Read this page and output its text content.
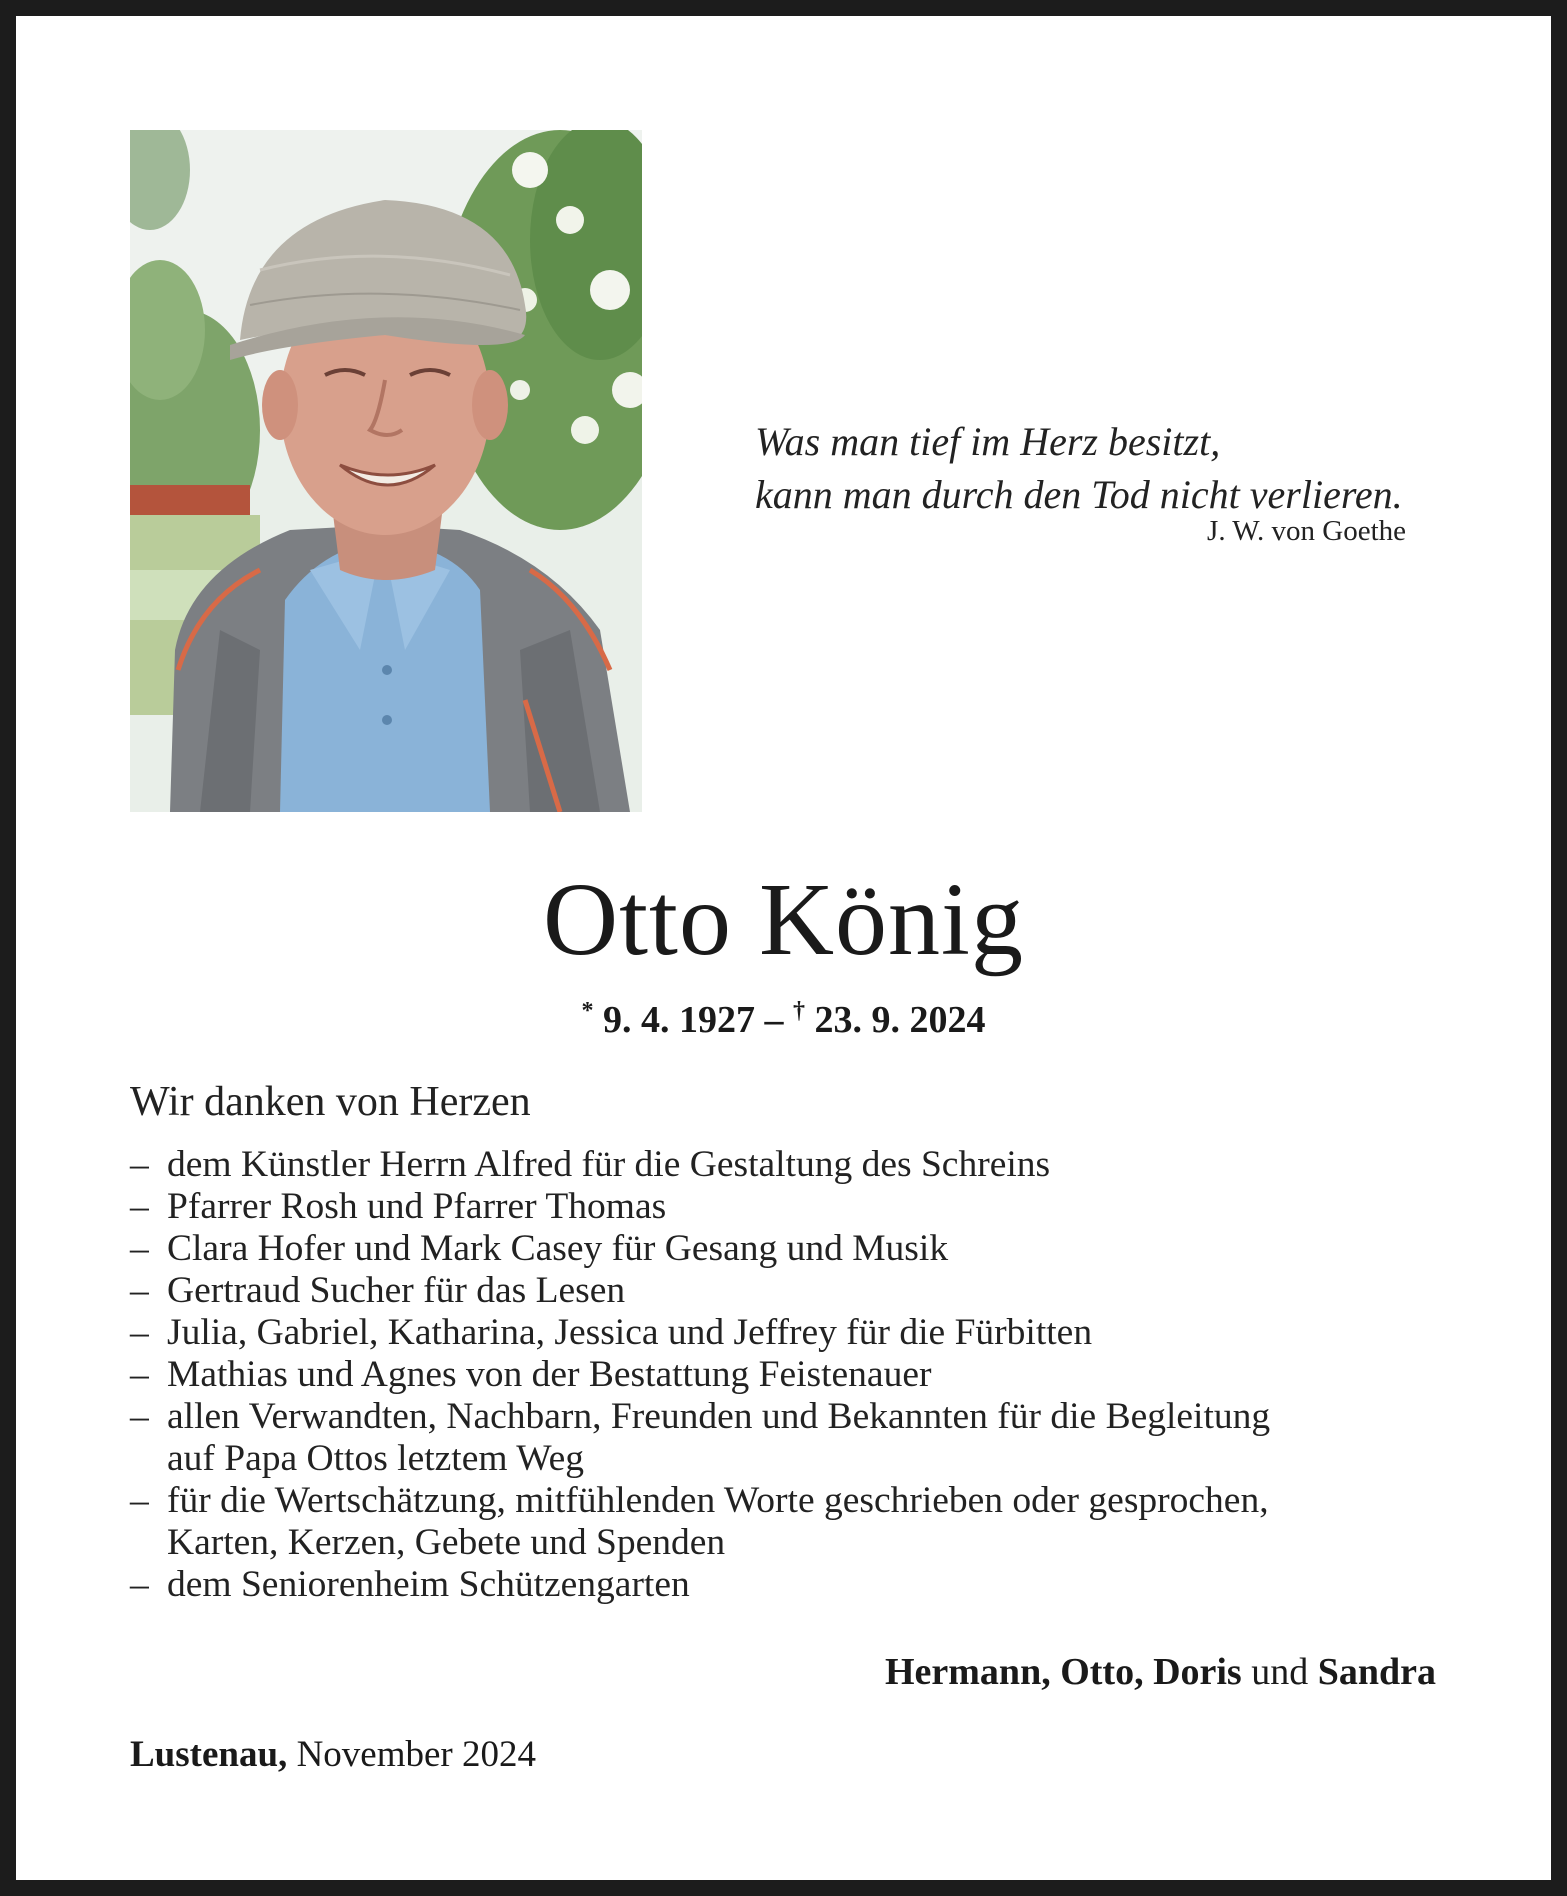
Was man tief im Herz besitzt,
kann man durch den Tod nicht verlieren.
J. W. von Goethe
Otto König
* 9. 4. 1927 – † 23. 9. 2024
Wir danken von Herzen
– dem Künstler Herrn Alfred für die Gestaltung des Schreins
– Pfarrer Rosh und Pfarrer Thomas
– Clara Hofer und Mark Casey für Gesang und Musik
– Gertraud Sucher für das Lesen
– Julia, Gabriel, Katharina, Jessica und Jeffrey für die Fürbitten
– Mathias und Agnes von der Bestattung Feistenauer
– allen Verwandten, Nachbarn, Freunden und Bekannten für die Begleitung
auf Papa Ottos letztem Weg
– für die Wertschätzung, mitfühlenden Worte geschrieben oder gesprochen,
Karten, Kerzen, Gebete und Spenden
– dem Seniorenheim Schützengarten
Hermann, Otto, Doris und Sandra
Lustenau, November 2024
